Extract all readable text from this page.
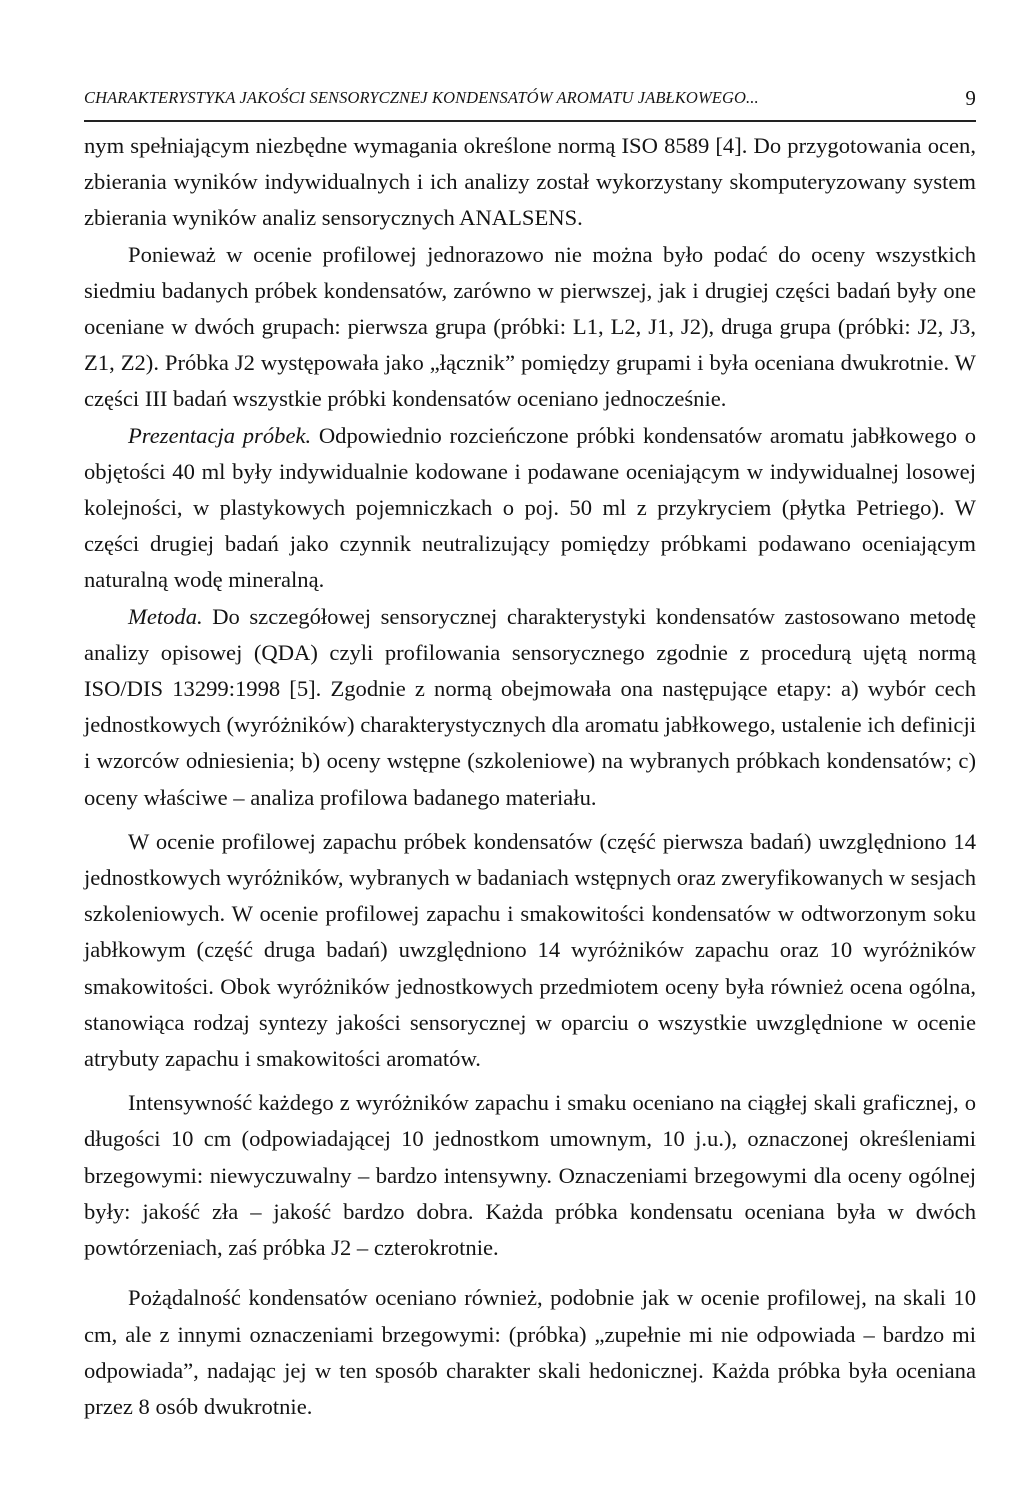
CHARAKTERYSTYKA JAKOŚCI SENSORYCZNEJ KONDENSATÓW AROMATU JABŁKOWEGO...	9

nym spełniającym niezbędne wymagania określone normą ISO 8589 [4]. Do przygotowania ocen, zbierania wyników indywidualnych i ich analizy został wykorzystany skomputeryzowany system zbierania wyników analiz sensorycznych ANALSENS.

Ponieważ w ocenie profilowej jednorazowo nie można było podać do oceny wszystkich siedmiu badanych próbek kondensatów, zarówno w pierwszej, jak i drugiej części badań były one oceniane w dwóch grupach: pierwsza grupa (próbki: L1, L2, J1, J2), druga grupa (próbki: J2, J3, Z1, Z2). Próbka J2 występowała jako „łącznik” pomiędzy grupami i była oceniana dwukrotnie. W części III badań wszystkie próbki kondensatów oceniano jednocześnie.

Prezentacja próbek. Odpowiednio rozcieńczone próbki kondensatów aromatu jabłkowego o objętości 40 ml były indywidualnie kodowane i podawane oceniającym w indywidualnej losowej kolejności, w plastykowych pojemniczkach o poj. 50 ml z przykryciem (płytka Petriego). W części drugiej badań jako czynnik neutralizujący pomiędzy próbkami podawano oceniającym naturalną wodę mineralną.

Metoda. Do szczegółowej sensorycznej charakterystyki kondensatów zastosowano metodę analizy opisowej (QDA) czyli profilowania sensorycznego zgodnie z procedurą ujętą normą ISO/DIS 13299:1998 [5]. Zgodnie z normą obejmowała ona następujące etapy: a) wybór cech jednostkowych (wyróżników) charakterystycznych dla aromatu jabłkowego, ustalenie ich definicji i wzorców odniesienia; b) oceny wstępne (szkoleniowe) na wybranych próbkach kondensatów; c) oceny właściwe – analiza profilowa badanego materiału.

W ocenie profilowej zapachu próbek kondensatów (część pierwsza badań) uwzględniono 14 jednostkowych wyróżników, wybranych w badaniach wstępnych oraz zweryfikowanych w sesjach szkoleniowych. W ocenie profilowej zapachu i smakowitości kondensatów w odtworzonym soku jabłkowym (część druga badań) uwzględniono 14 wyróżników zapachu oraz 10 wyróżników smakowitości. Obok wyróżników jednostkowych przedmiotem oceny była również ocena ogólna, stanowiąca rodzaj syntezy jakości sensorycznej w oparciu o wszystkie uwzględnione w ocenie atrybuty zapachu i smakowitości aromatów.

Intensywność każdego z wyróżników zapachu i smaku oceniano na ciągłej skali graficznej, o długości 10 cm (odpowiadającej 10 jednostkom umownym, 10 j.u.), oznaczonej określeniami brzegowymi: niewyczuwalny – bardzo intensywny. Oznaczeniami brzegowymi dla oceny ogólnej były: jakość zła – jakość bardzo dobra. Każda próbka kondensatu oceniana była w dwóch powtórzeniach, zaś próbka J2 – czterokrotnie.

Pożądalność kondensatów oceniano również, podobnie jak w ocenie profilowej, na skali 10 cm, ale z innymi oznaczeniami brzegowymi: (próbka) „zupełnie mi nie odpowiada – bardzo mi odpowiada”, nadając jej w ten sposób charakter skali hedonicznej. Każda próbka była oceniana przez 8 osób dwukrotnie.
